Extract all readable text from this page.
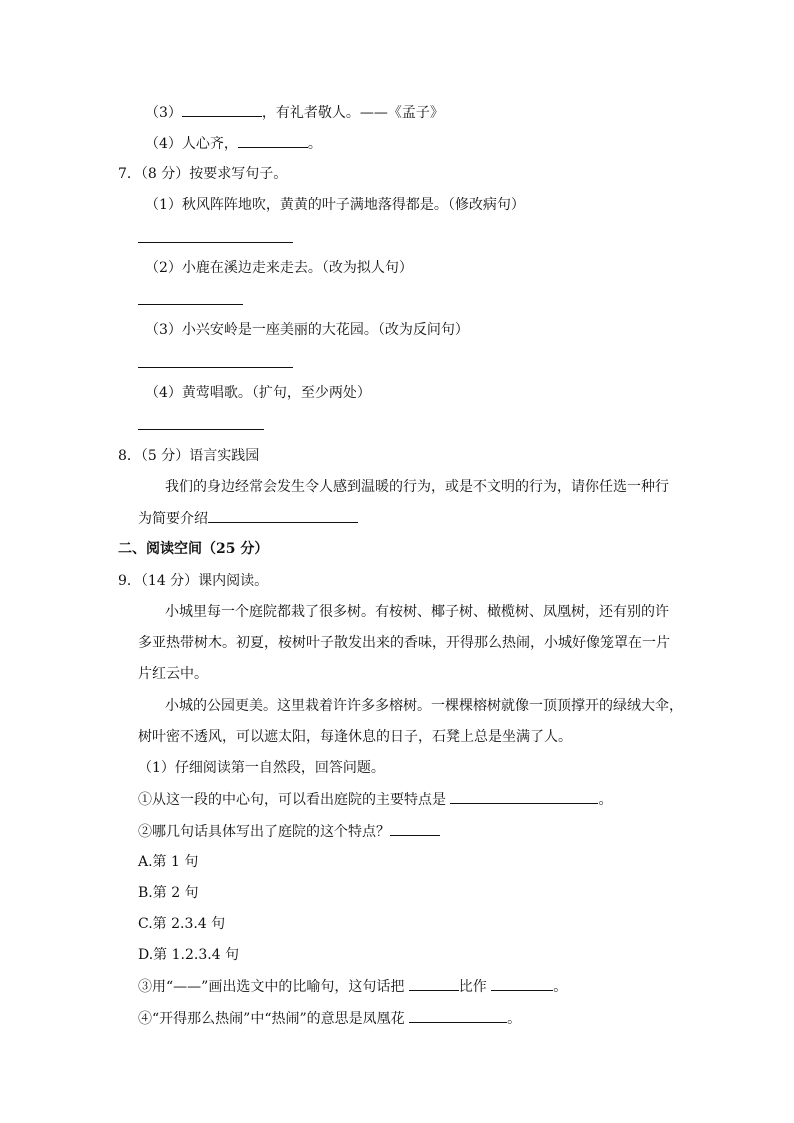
（3）	，有礼者敬人。——《孟子》
（4）人心齐，	。
7．（8 分）按要求写句子。
（1）秋风阵阵地吹，黄黄的叶子满地落得都是。（修改病句）
（2）小鹿在溪边走来走去。（改为拟人句）
（3）小兴安岭是一座美丽的大花园。（改为反问句）
（4）黄莺唱歌。（扩句，至少两处）
8．（5 分）语言实践园
我们的身边经常会发生令人感到温暖的行为，或是不文明的行为，请你任选一种行
为简要介绍
二、阅读空间（25 分）
9．（14 分）课内阅读。
小城里每一个庭院都栽了很多树。有桉树、椰子树、橄榄树、凤凰树，还有别的许
多亚热带树木。初夏，桉树叶子散发出来的香味，开得那么热闹，小城好像笼罩在一片
片红云中。
小城的公园更美。这里栽着许许多多榕树。一棵棵榕树就像一顶顶撑开的绿绒大伞，
树叶密不透风，可以遮太阳，每逢休息的日子，石凳上总是坐满了人。
（1）仔细阅读第一自然段，回答问题。
①从这一段的中心句，可以看出庭院的主要特点是	。
②哪几句话具体写出了庭院的这个特点？
A.第 1 句
B.第 2 句
C.第 2.3.4 句
D.第 1.2.3.4 句
③用“——”画出选文中的比喻句，这句话把	比作	。
④“开得那么热闹”中“热闹”的意思是凤凰花	。
